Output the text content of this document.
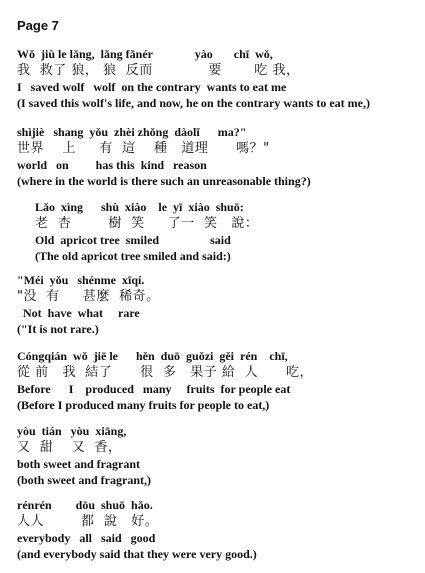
Page 7
Wǒ  jiù le lǎng,  lǎng fǎnér              yào       chī  wǒ,
我  救了 狼， 狼  反而            要       吃 我，
I   saved wolf   wolf  on the contrary  wants to eat me
(I saved this wolf's life, and now, he on the contrary wants to eat me,)
shìjiè   shang  yǒu  zhèi zhǒng  dàolǐ      ma?"
世界    上     有  這    種   道理      嗎？"
world   on         has this  kind   reason
(where in the world is there such an unreasonable thing?)
Lǎo  xìng      shù  xiào    le  yī  xiào  shuō:
老  杏        樹  笑     了一  笑   說：
Old  apricot tree  smiled                 said
(The old apricot tree smiled and said:)
"Méi  yǒu   shénme  xīqí.
"没  有     甚麼  稀奇。
Not  have  what     rare
("It is not rare.)
Cóngqián  wǒ  jiē le      hěn  duō  guǒzi  gěi  rén    chī,
從 前   我  結了      很  多   果子 給  人      吃，
Before      I    produced   many     fruits  for people eat
(Before I produced many fruits for people to eat,)
yòu  tián   yòu  xiāng,
又  甜    又  香，
both sweet and fragrant
(both sweet and fragrant,)
rénrén        dōu  shuō  hǎo.
人人        都  說   好。
everybody   all   said   good
(and everybody said that they were very good.)
